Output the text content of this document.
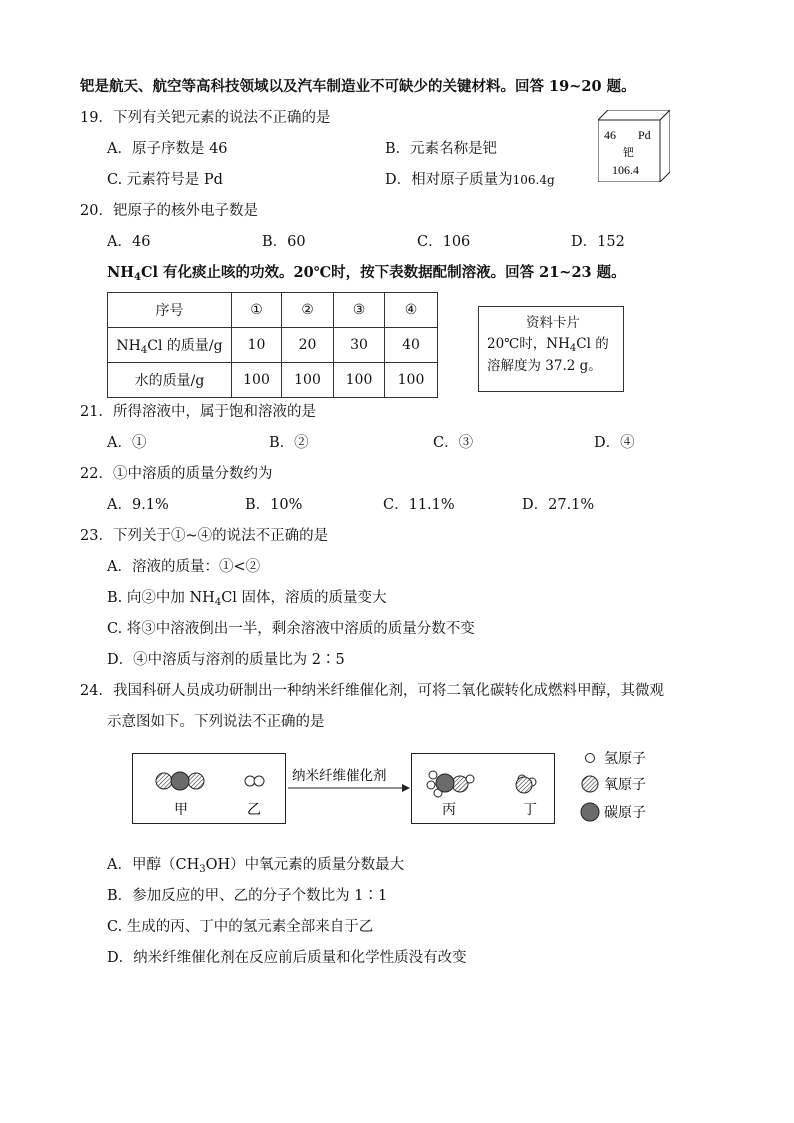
钯是航天、航空等高科技领域以及汽车制造业不可缺少的关键材料。回答 19~20 题。
19．下列有关钯元素的说法不正确的是
A．原子序数是 46	B．元素名称是钯
C. 元素符号是 Pd	D．相对原子质量为106.4g
46 Pd
钯
106.4
20．钯原子的核外电子数是
A．46	B．60	C．106	D．152
$NH_4Cl$ 有化痰止咳的功效。20℃时，按下表数据配制溶液。回答 21~23 题。
序号	①	②	③	④
$NH_4Cl$ 的质量/g	10	20	30	40
水的质量/g	100	100	100	100
资料卡片
20℃时，$NH_4Cl$ 的
溶解度为 37.2 g。
21．所得溶液中，属于饱和溶液的是
A．①	B．②	C．③	D．④
22．①中溶质的质量分数约为
A．9.1%	B．10%	C．11.1%	D．27.1%
23．下列关于①~④的说法不正确的是
A．溶液的质量：①<②
B. 向②中加 $NH_4Cl$ 固体，溶质的质量变大
C. 将③中溶液倒出一半，剩余溶液中溶质的质量分数不变
D．④中溶质与溶剂的质量比为 2∶5
24．我国科研人员成功研制出一种纳米纤维催化剂，可将二氧化碳转化成燃料甲醇，其微观
示意图如下。下列说法不正确的是
甲	乙
纳米纤维催化剂
丙	丁
氢原子
氧原子
碳原子
A．甲醇$(CH_3OH)$中氧元素的质量分数最大
B．参加反应的甲、乙的分子个数比为 1∶1
C. 生成的丙、丁中的氢元素全部来自于乙
D．纳米纤维催化剂在反应前后质量和化学性质没有改变
